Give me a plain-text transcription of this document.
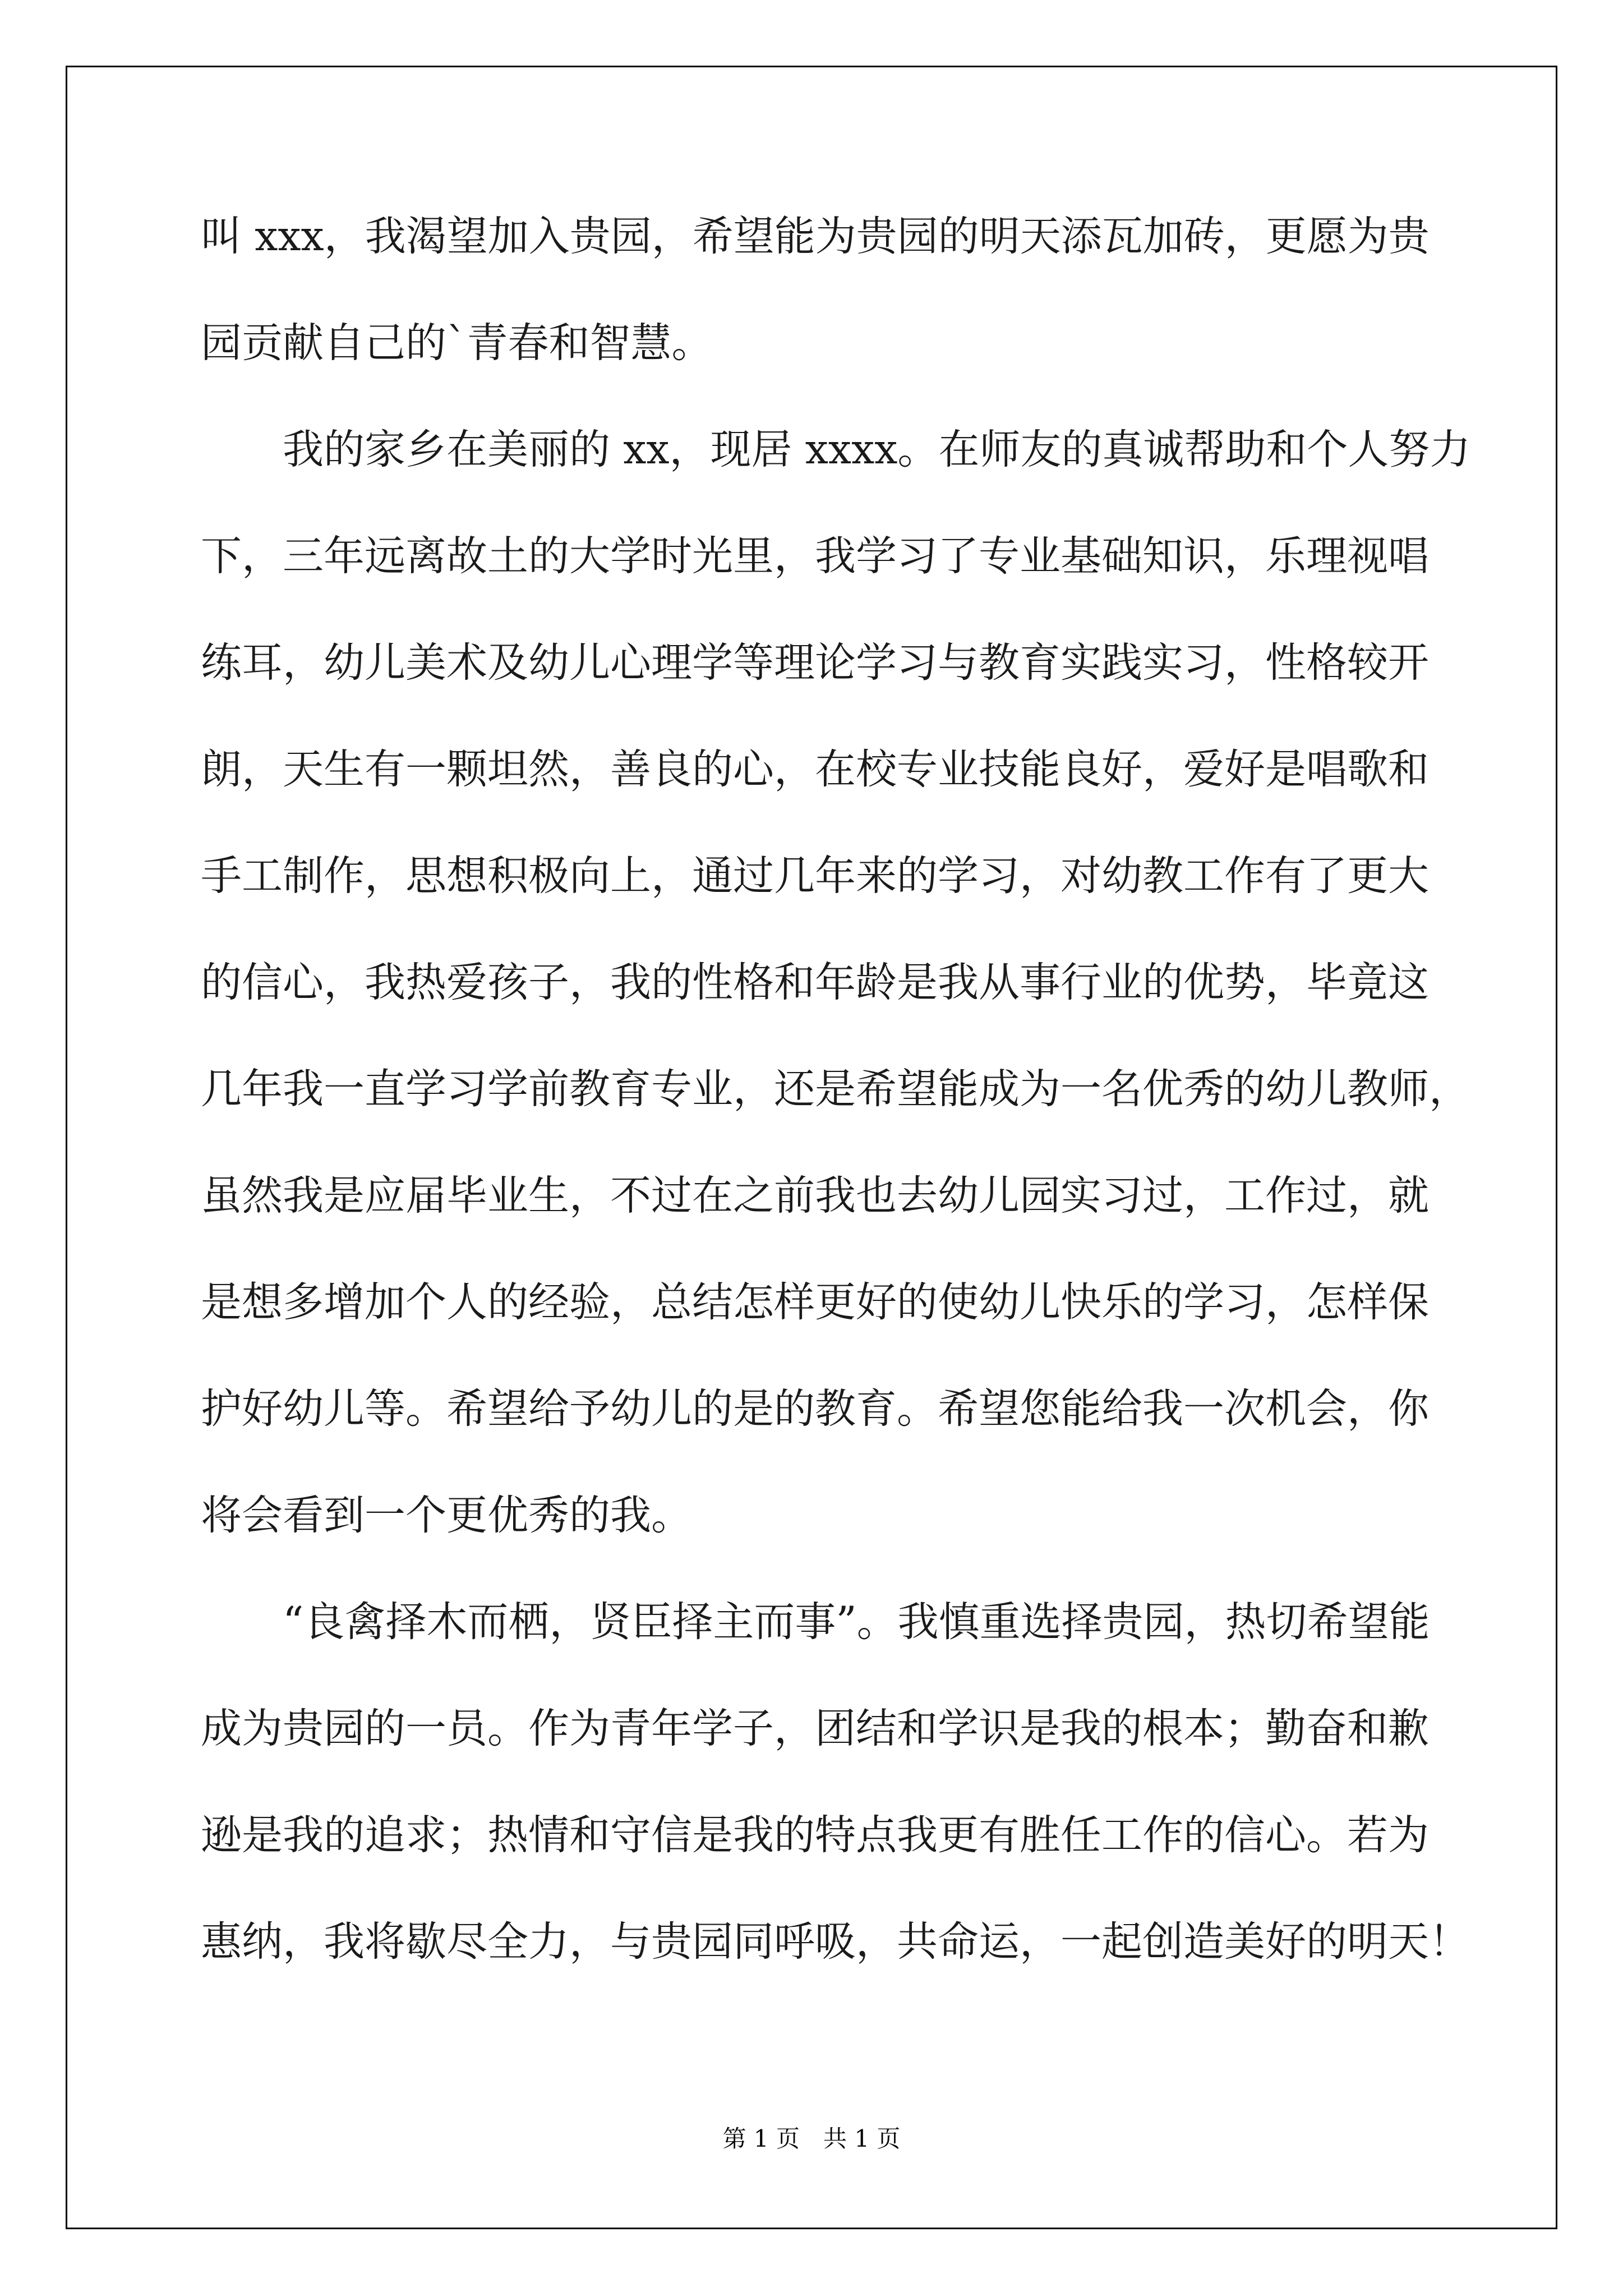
叫 xxx，我渴望加入贵园，希望能为贵园的明天添瓦加砖，更愿为贵
园贡献自己的`青春和智慧。
我的家乡在美丽的 xx，现居 xxxx。在师友的真诚帮助和个人努力
下，三年远离故土的大学时光里，我学习了专业基础知识，乐理视唱
练耳，幼儿美术及幼儿心理学等理论学习与教育实践实习，性格较开
朗，天生有一颗坦然，善良的心，在校专业技能良好，爱好是唱歌和
手工制作，思想积极向上，通过几年来的学习，对幼教工作有了更大
的信心，我热爱孩子，我的性格和年龄是我从事行业的优势，毕竟这
几年我一直学习学前教育专业，还是希望能成为一名优秀的幼儿教师，
虽然我是应届毕业生，不过在之前我也去幼儿园实习过，工作过，就
是想多增加个人的经验，总结怎样更好的使幼儿快乐的学习，怎样保
护好幼儿等。希望给予幼儿的是的教育。希望您能给我一次机会，你
将会看到一个更优秀的我。
“良禽择木而栖，贤臣择主而事”。我慎重选择贵园，热切希望能
成为贵园的一员。作为青年学子，团结和学识是我的根本；勤奋和歉
逊是我的追求；热情和守信是我的特点我更有胜任工作的信心。若为
惠纳，我将歇尽全力，与贵园同呼吸，共命运，一起创造美好的明天！
第 1 页　共 1 页
